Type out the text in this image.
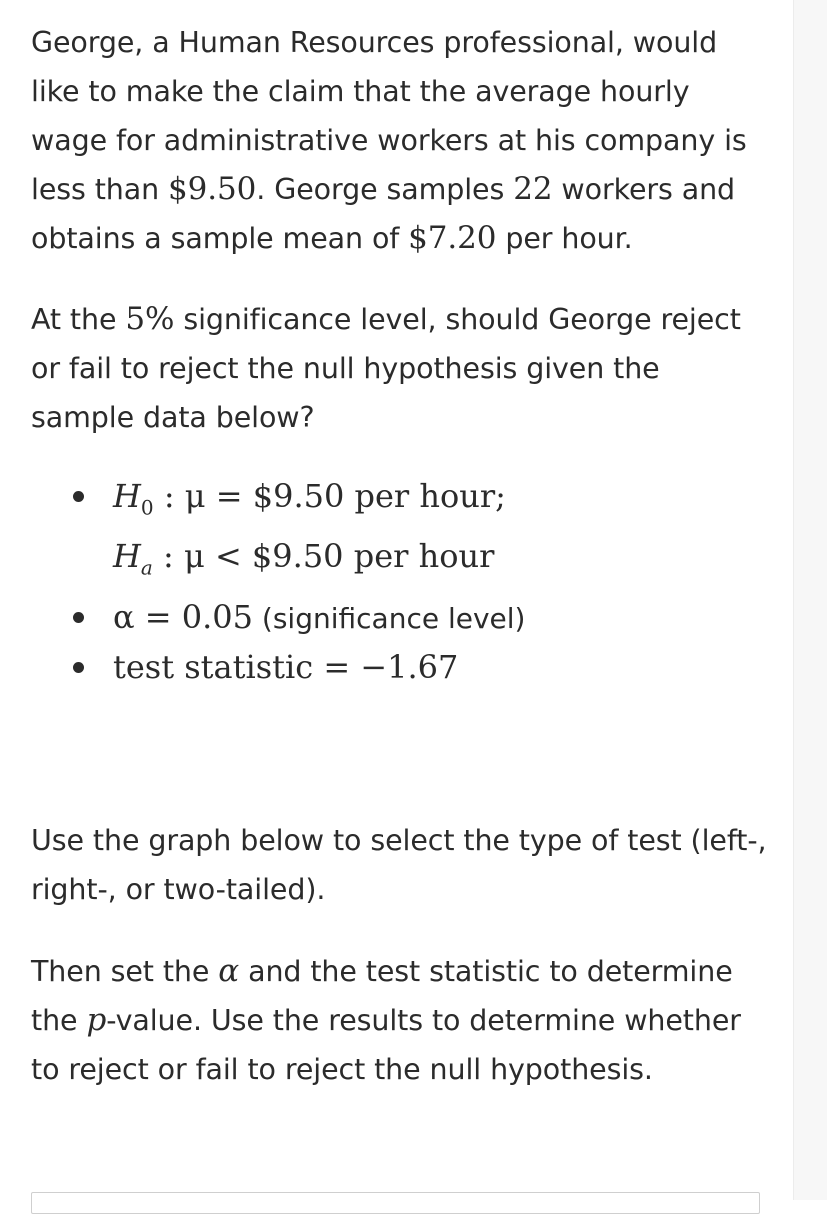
George, a Human Resources professional, would like to make the claim that the average hourly wage for administrative workers at his company is less than $9.50. George samples 22 workers and obtains a sample mean of $7.20 per hour.

At the 5% significance level, should George reject or fail to reject the null hypothesis given the sample data below?

$H_0$ : μ = $9.50 per hour;
$H_a$ : μ < $9.50 per hour
α = 0.05 (significance level)
test statistic = −1.67

Use the graph below to select the type of test (left-, right-, or two-tailed).

Then set the α and the test statistic to determine the p-value. Use the results to determine whether to reject or fail to reject the null hypothesis.
